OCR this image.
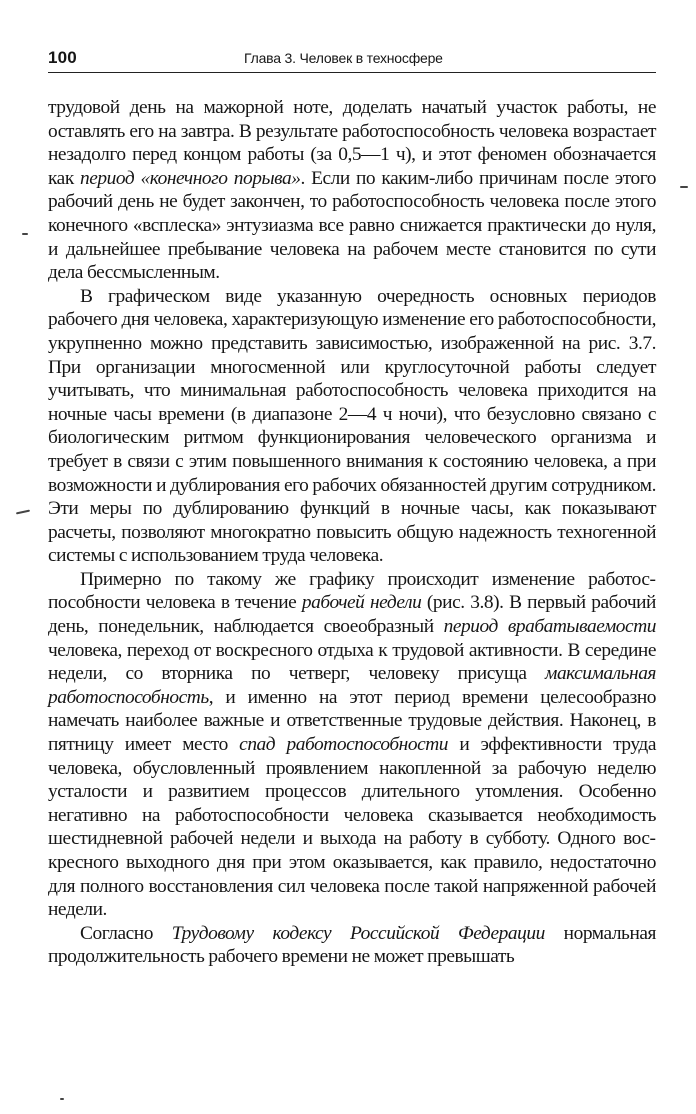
100	Глава 3. Человек в техносфере

трудовой день на мажорной ноте, доделать начатый участок работы, не оставлять его на завтра. В результате работоспособность человека возрастает незадолго перед концом работы (за 0,5—1 ч), и этот феномен обозначается как период «конечного порыва». Если по каким-либо причинам после этого рабочий день не будет закончен, то работоспособность человека после этого конечного «всплеска» энтузиазма все равно снижается практически до нуля, и дальнейшее пребывание человека на рабочем месте становится по сути дела бессмысленным.

В графическом виде указанную очередность основных периодов рабочего дня человека, характеризующую изменение его работоспособности, укрупненно можно представить зависимостью, изображенной на рис. 3.7. При организации многосменной или круглосуточной работы следует учитывать, что минимальная работоспособность человека приходится на ночные часы времени (в диапазоне 2—4 ч ночи), что безусловно связано с биологическим ритмом функционирования человеческого организма и требует в связи с этим повышенного внимания к состоянию человека, а при возможности и дублирования его рабочих обязанностей другим сотрудником. Эти меры по дублированию функций в ночные часы, как показывают расчеты, позволяют многократно повысить общую надежность техногенной системы с использованием труда человека.

Примерно по такому же графику происходит изменение работоспособности человека в течение рабочей недели (рис. 3.8). В первый рабочий день, понедельник, наблюдается своеобразный период врабатываемости человека, переход от воскресного отдыха к трудовой активности. В середине недели, со вторника по четверг, человеку присуща максимальная работоспособность, и именно на этот период времени целесообразно намечать наиболее важные и ответственные трудовые действия. Наконец, в пятницу имеет место спад работоспособности и эффективности труда человека, обусловленный проявлением накопленной за рабочую неделю усталости и развитием процессов длительного утомления. Особенно негативно на работоспособности человека сказывается необходимость шестидневной рабочей недели и выхода на работу в субботу. Одного воскресного выходного дня при этом оказывается, как правило, недостаточно для полного восстановления сил человека после такой напряженной рабочей недели.

Согласно Трудовому кодексу Российской Федерации нормальная продолжительность рабочего времени не может превышать
